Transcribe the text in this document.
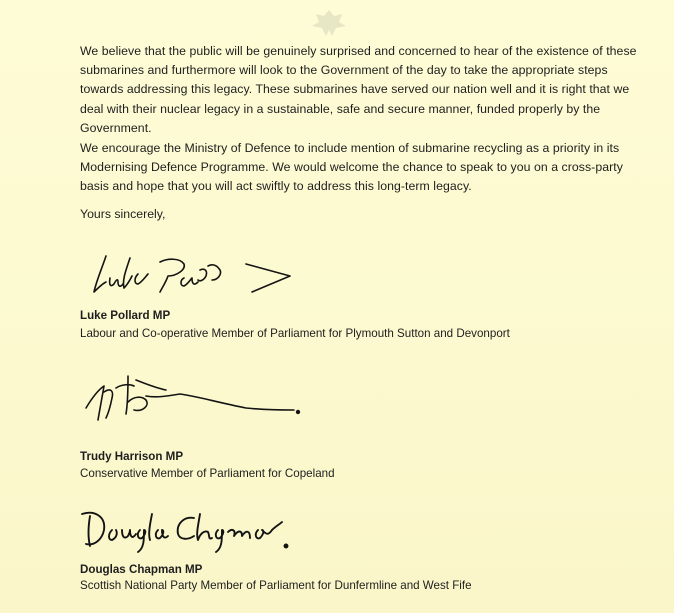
We believe that the public will be genuinely surprised and concerned to hear of the existence of these submarines and furthermore will look to the Government of the day to take the appropriate steps towards addressing this legacy. These submarines have served our nation well and it is right that we deal with their nuclear legacy in a sustainable, safe and secure manner, funded properly by the Government.
We encourage the Ministry of Defence to include mention of submarine recycling as a priority in its Modernising Defence Programme. We would welcome the chance to speak to you on a cross-party basis and hope that you will act swiftly to address this long-term legacy.
Yours sincerely,
Luke Pollard MP
Labour and Co-operative Member of Parliament for Plymouth Sutton and Devonport
Trudy Harrison MP
Conservative Member of Parliament for Copeland
Douglas Chapman MP
Scottish National Party Member of Parliament for Dunfermline and West Fife
